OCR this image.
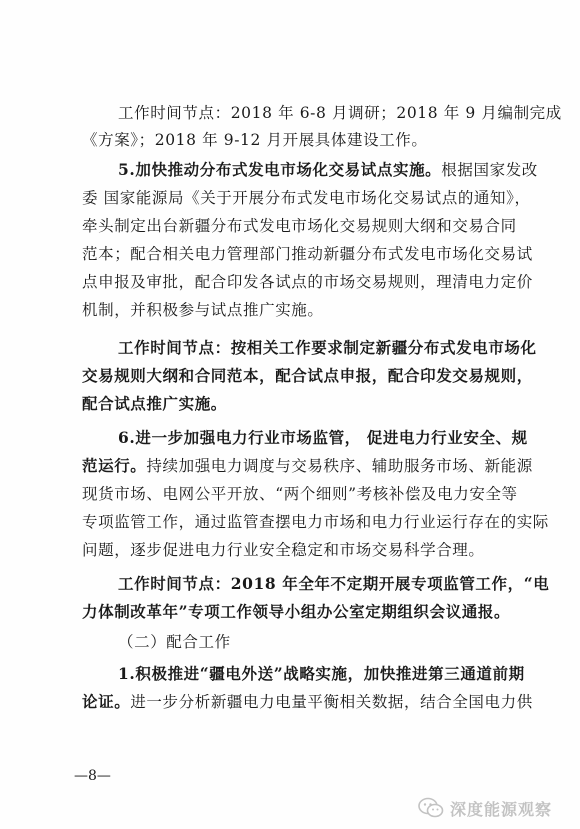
工作时间节点：2018 年 6-8 月调研；2018 年 9 月编制完成
《方案》；2018 年 9-12 月开展具体建设工作。
5.加快推动分布式发电市场化交易试点实施。根据国家发改
委 国家能源局《关于开展分布式发电市场化交易试点的通知》，
牵头制定出台新疆分布式发电市场化交易规则大纲和交易合同
范本；配合相关电力管理部门推动新疆分布式发电市场化交易试
点申报及审批，配合印发各试点的市场交易规则，理清电力定价
机制，并积极参与试点推广实施。
工作时间节点：按相关工作要求制定新疆分布式发电市场化
交易规则大纲和合同范本，配合试点申报，配合印发交易规则，
配合试点推广实施。
6.进一步加强电力行业市场监管， 促进电力行业安全、规
范运行。持续加强电力调度与交易秩序、辅助服务市场、新能源
现货市场、电网公平开放、“两个细则”考核补偿及电力安全等
专项监管工作，通过监管查摆电力市场和电力行业运行存在的实际
问题，逐步促进电力行业安全稳定和市场交易科学合理。
工作时间节点：2018 年全年不定期开展专项监管工作，“电
力体制改革年”专项工作领导小组办公室定期组织会议通报。
（二）配合工作
1.积极推进“疆电外送”战略实施，加快推进第三通道前期
论证。进一步分析新疆电力电量平衡相关数据，结合全国电力供
—8—
深度能源观察
